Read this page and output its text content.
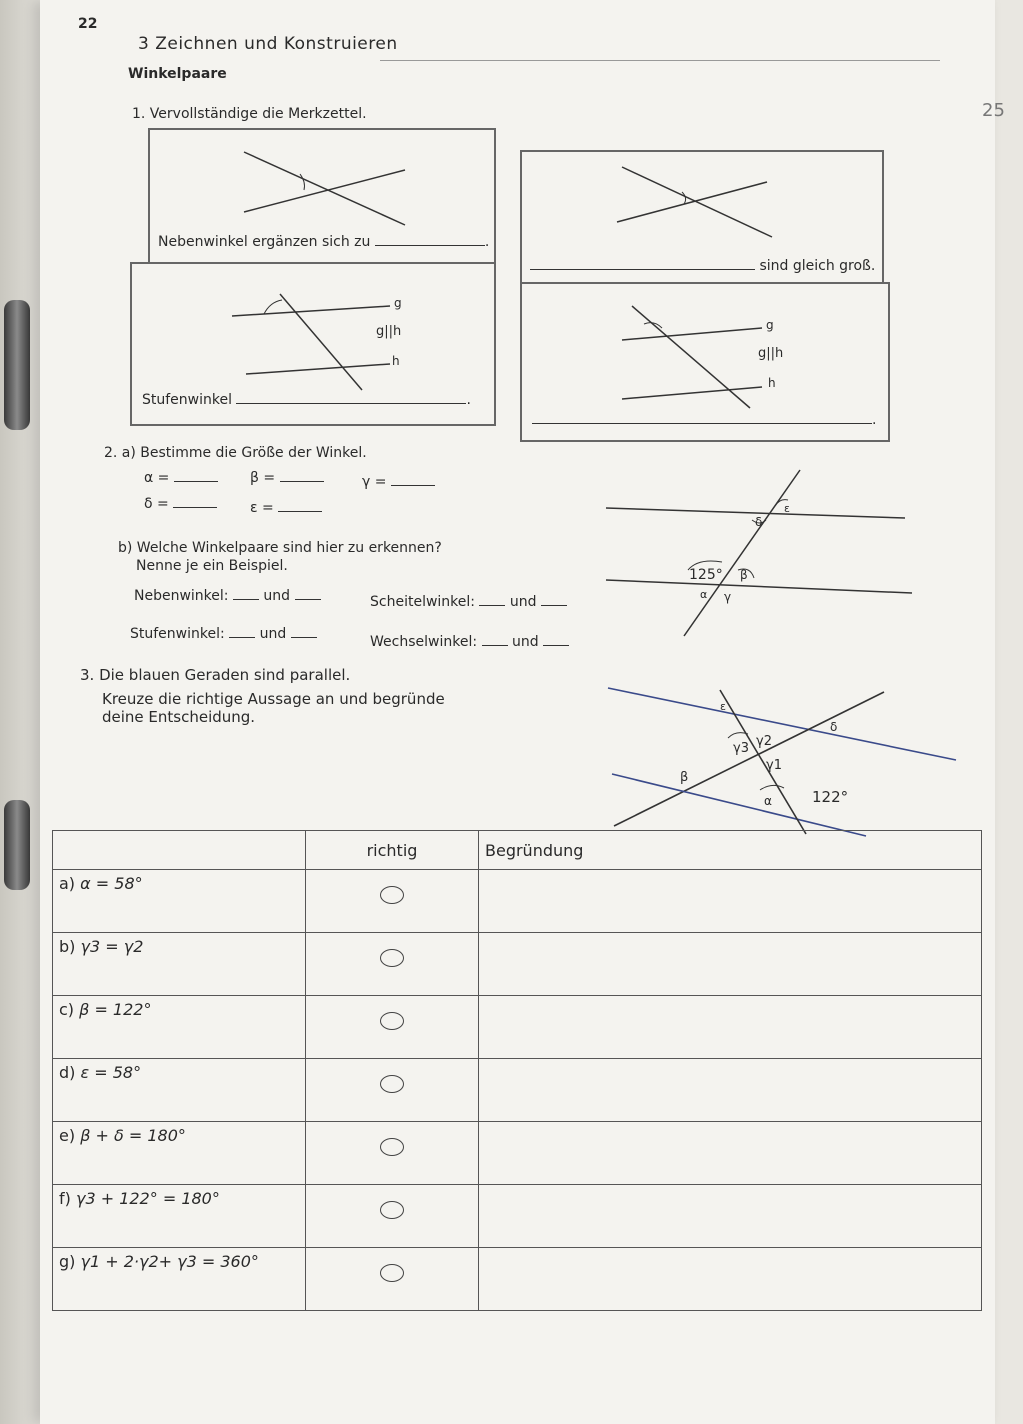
22
3 Zeichnen und Konstruieren
Winkelpaare
25
1. Vervollständige die Merkzettel.
Nebenwinkel ergänzen sich zu	.
sind gleich groß.
g
g||h
h
Stufenwinkel	.
g
g||h
h
.
2. a) Bestimme die Größe der Winkel.
α =	β =	γ =
δ =	ε =
b) Welche Winkelpaare sind hier zu erkennen?
Nenne je ein Beispiel.
Nebenwinkel: und	Scheitelwinkel: und
Stufenwinkel: und	Wechselwinkel: und
ε
δ
125° β
α γ
3. Die blauen Geraden sind parallel.
Kreuze die richtige Aussage an und begründe
deine Entscheidung.
ε
δ
γ2
γ3
γ1
β
α	122°
	richtig	Begründung
a) α = 58°	

b) γ3 = γ2	

c) β = 122°	

d) ε = 58°	

e) β + δ = 180°	

f) γ3 + 122° = 180°	

g) γ1 + 2·γ2+ γ3 = 360°	
